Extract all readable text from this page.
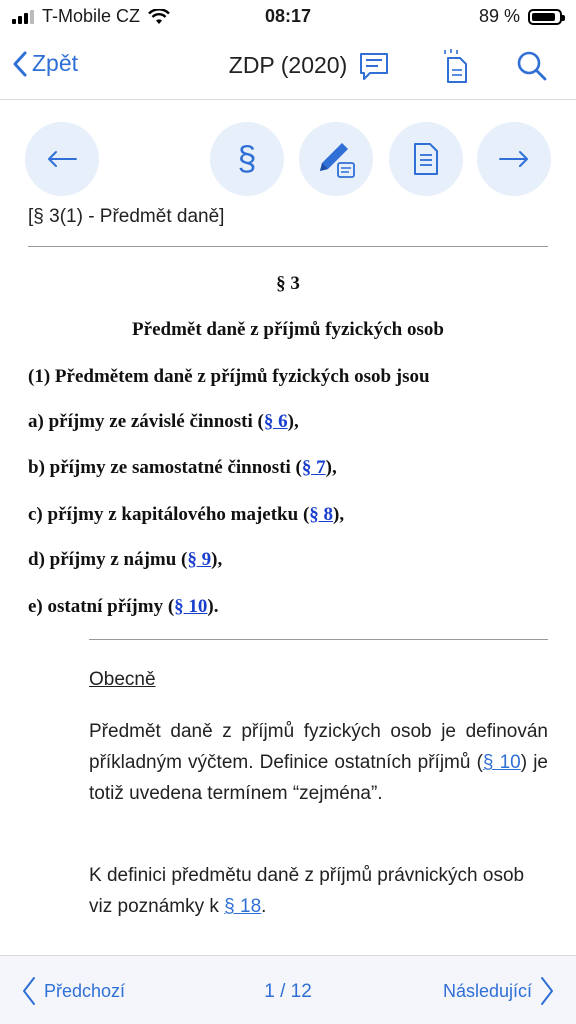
T-Mobile CZ	08:17	89 %
Zpět	ZDP (2020)
§
[§ 3(1) - Předmět daně]
§ 3
Předmět daně z příjmů fyzických osob
(1) Předmětem daně z příjmů fyzických osob jsou
a) příjmy ze závislé činnosti (§ 6),
b) příjmy ze samostatné činnosti (§ 7),
c) příjmy z kapitálového majetku (§ 8),
d) příjmy z nájmu (§ 9),
e) ostatní příjmy (§ 10).
Obecně
Předmět daně z příjmů fyzických osob je definován příkladným výčtem. Definice ostatních příjmů (§ 10) je totiž uvedena termínem “zejména”.
K definici předmětu daně z příjmů právnických osob viz poznámky k § 18.
Předchozí	1 / 12	Následující
